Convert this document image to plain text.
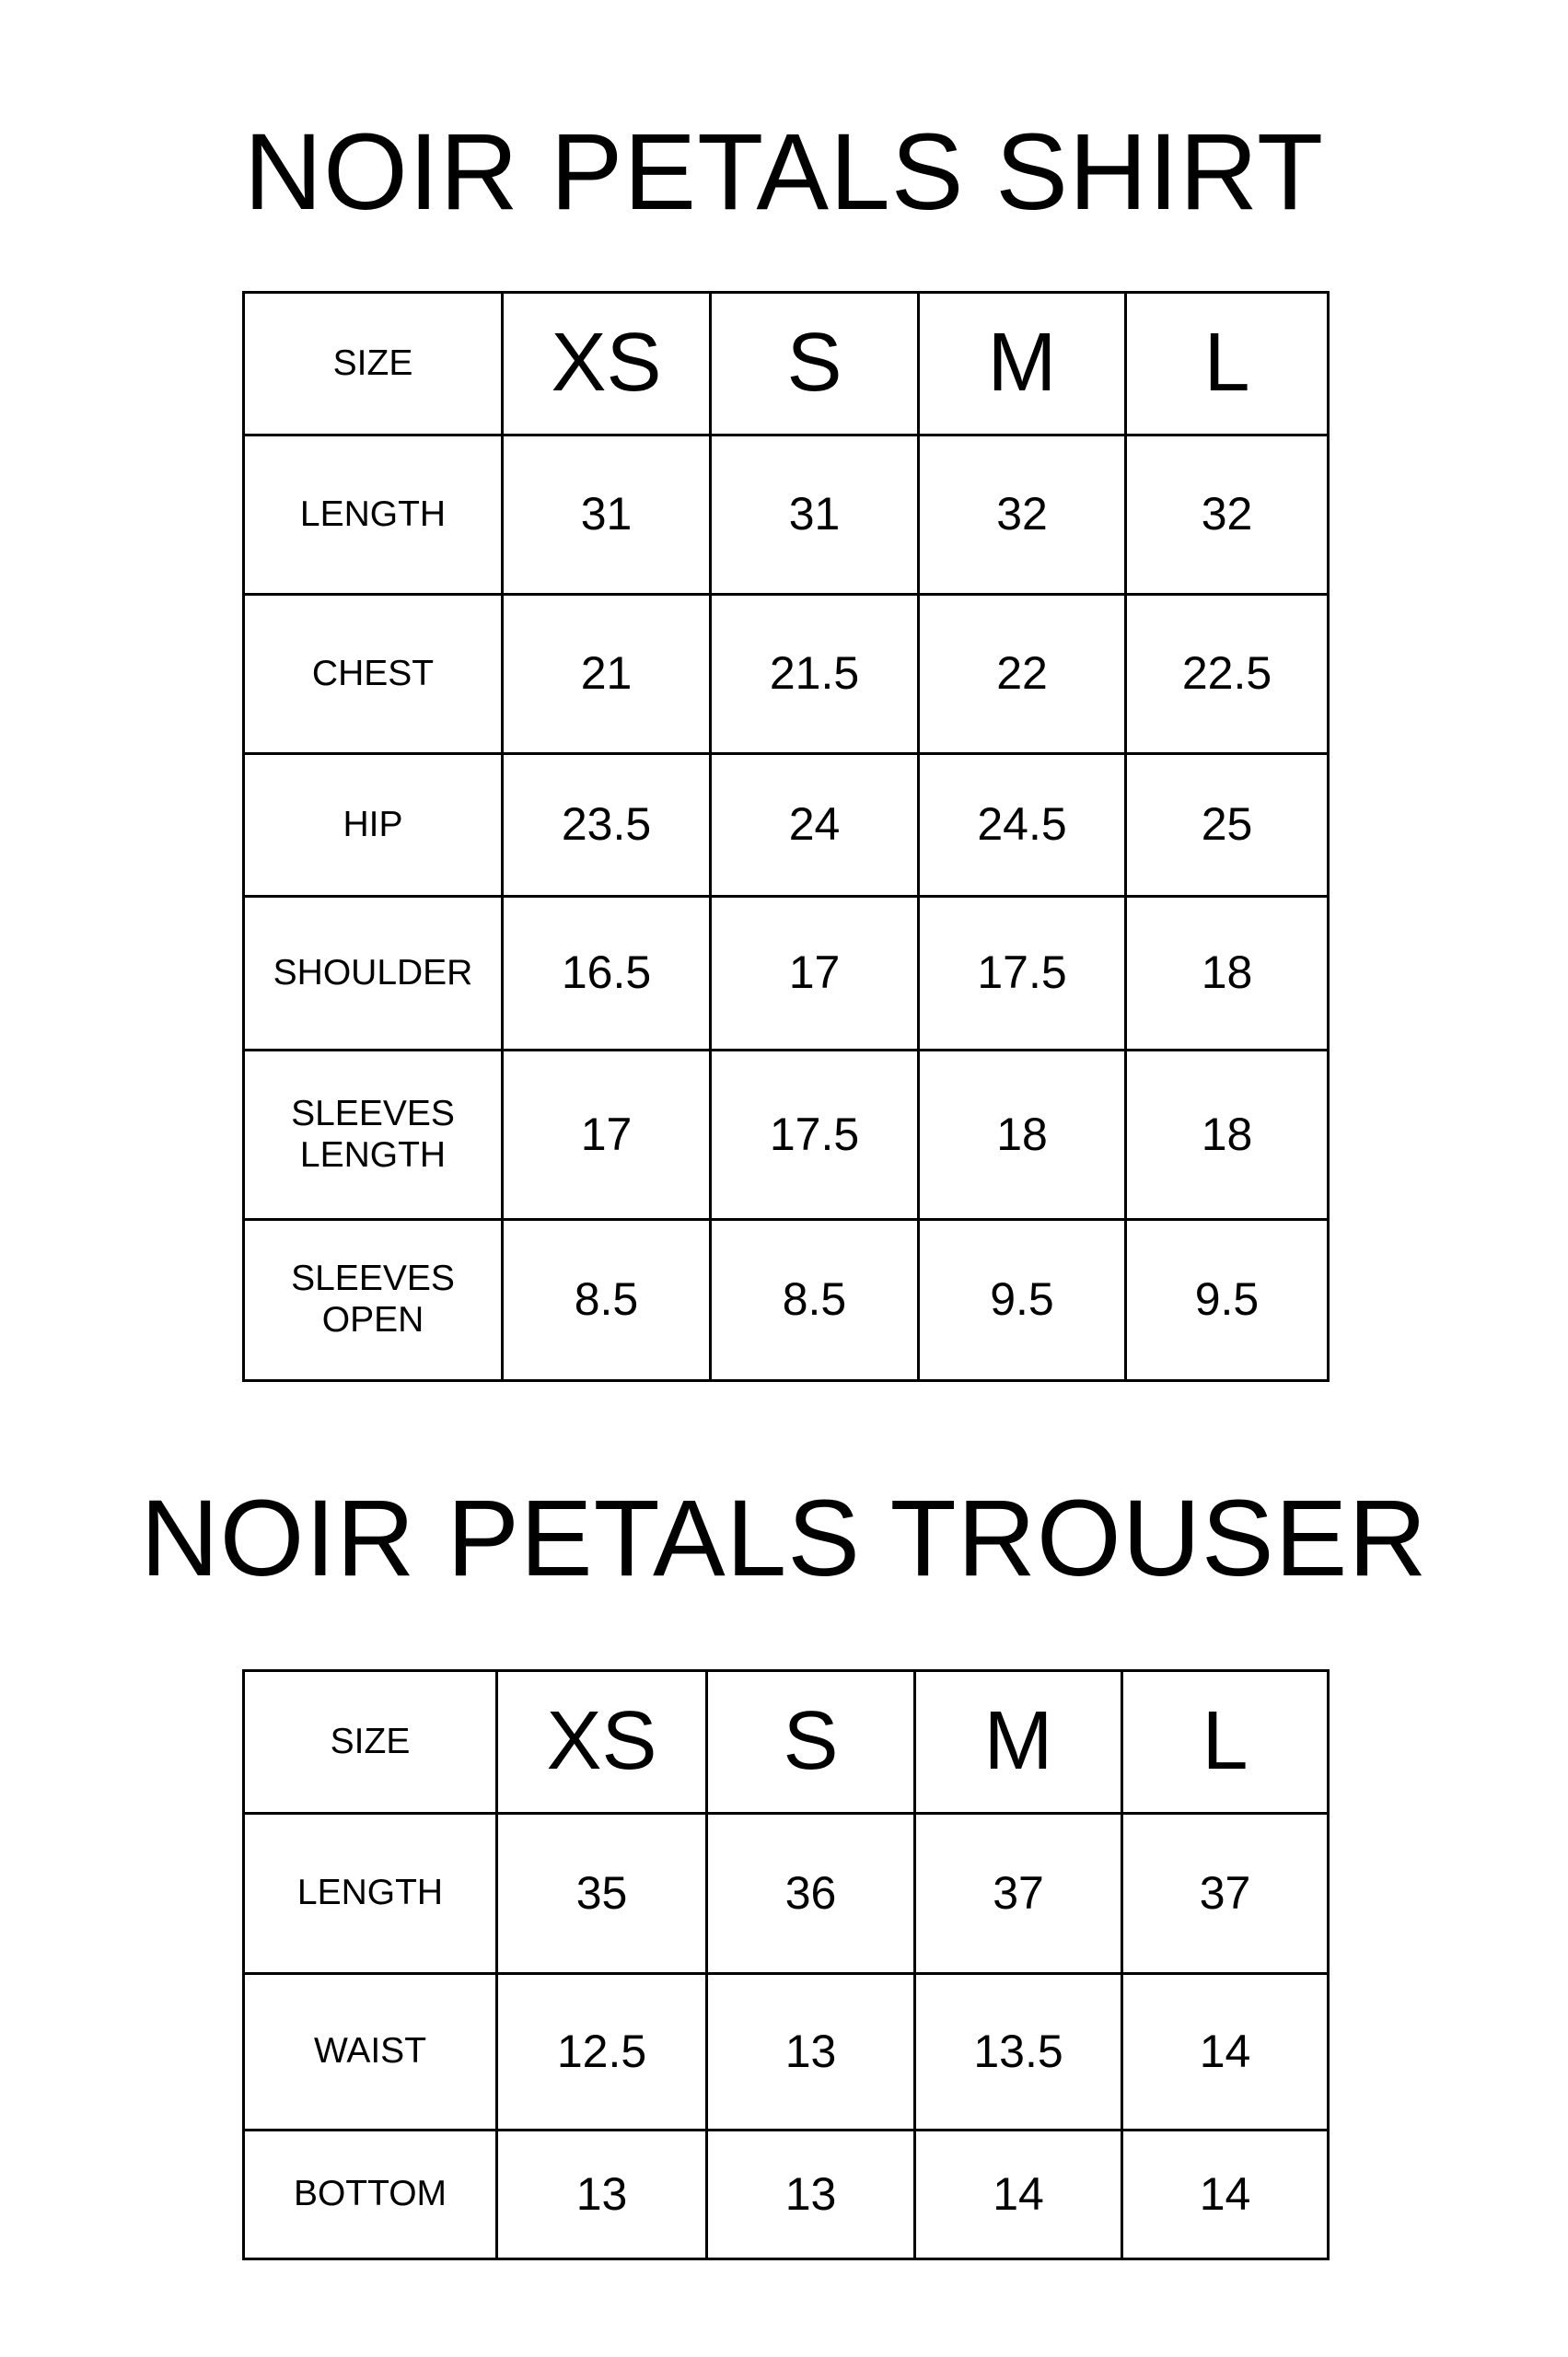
NOIR PETALS SHIRT
SIZE	XS	S	M	L
LENGTH	31	31	32	32
CHEST	21	21.5	22	22.5
HIP	23.5	24	24.5	25
SHOULDER	16.5	17	17.5	18
SLEEVES
LENGTH	17	17.5	18	18
SLEEVES
OPEN	8.5	8.5	9.5	9.5
NOIR PETALS TROUSER
SIZE	XS	S	M	L
LENGTH	35	36	37	37
WAIST	12.5	13	13.5	14
BOTTOM	13	13	14	14
